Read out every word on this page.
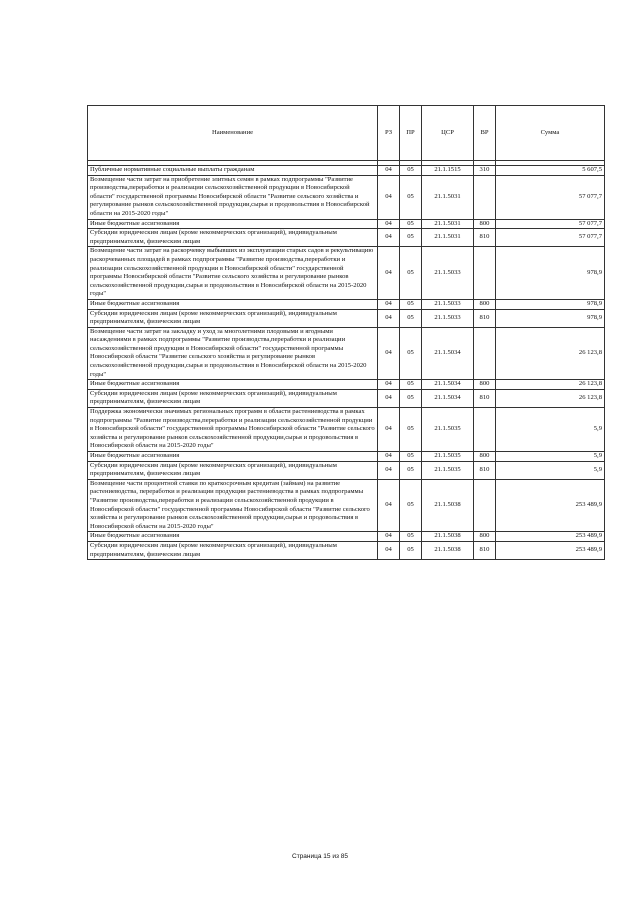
Наименование	РЗ	ПР	ЦСР	ВР	Сумма

Публичные нормативные социальные выплаты гражданам	04	05	21.1.1515	310	5 607,5
Возмещение части затрат на приобретение элитных семян в рамках подпрограммы "Развитие производства,переработки и реализации сельскохозяйственной продукции в Новосибирской области" государственной программы Новосибирской области "Развитие сельского хозяйства и регулирование рынков сельскохозяйственной продукции,сырья и продовольствия в Новосибирской области на 2015-2020 годы"	04	05	21.1.5031		57 077,7
Иные бюджетные ассигнования	04	05	21.1.5031	800	57 077,7
Субсидии юридическим лицам (кроме некоммерческих организаций), индивидуальным предпринимателям, физическим лицам	04	05	21.1.5031	810	57 077,7
Возмещение части затрат на раскорчевку выбывших из эксплуатации старых садов и рекультивацию раскорчеванных площадей в рамках подпрограммы "Развитие производства,переработки и реализации сельскохозяйственной продукции в Новосибирской области" государственной программы Новосибирской области "Развитие сельского хозяйства и регулирование рынков сельскохозяйственной продукции,сырья и продовольствия в Новосибирской области на 2015-2020 годы"	04	05	21.1.5033		978,9
Иные бюджетные ассигнования	04	05	21.1.5033	800	978,9
Субсидии юридическим лицам (кроме некоммерческих организаций), индивидуальным предпринимателям, физическим лицам	04	05	21.1.5033	810	978,9
Возмещение части затрат на закладку и уход за многолетними плодовыми и ягодными насаждениями в рамках подпрограммы "Развитие производства,переработки и реализации сельскохозяйственной продукции в Новосибирской области" государственной программы Новосибирской области "Развитие сельского хозяйства и регулирование рынков сельскохозяйственной продукции,сырья и продовольствия в Новосибирской области на 2015-2020 годы"	04	05	21.1.5034		26 123,8
Иные бюджетные ассигнования	04	05	21.1.5034	800	26 123,8
Субсидии юридическим лицам (кроме некоммерческих организаций), индивидуальным предпринимателям, физическим лицам	04	05	21.1.5034	810	26 123,8
Поддержка экономически значимых региональных программ в области растениеводства в рамках подпрограммы "Развитие производства,переработки и реализации сельскохозяйственной продукции в Новосибирской области" государственной программы Новосибирской области "Развитие сельского хозяйства и регулирование рынков сельскохозяйственной продукции,сырья и продовольствия в Новосибирской области на 2015-2020 годы"	04	05	21.1.5035		5,9
Иные бюджетные ассигнования	04	05	21.1.5035	800	5,9
Субсидии юридическим лицам (кроме некоммерческих организаций), индивидуальным предпринимателям, физическим лицам	04	05	21.1.5035	810	5,9
Возмещение части процентной ставки по краткосрочным кредитам (займам) на развитие растениеводства, переработки и реализации продукции растениеводства в рамках подпрограммы "Развитие производства,переработки и реализации сельскохозяйственной продукции в Новосибирской области" государственной программы Новосибирской области "Развитие сельского хозяйства и регулирование рынков сельскохозяйственной продукции,сырья и продовольствия в Новосибирской области на 2015-2020 годы"	04	05	21.1.5038		253 489,9
Иные бюджетные ассигнования	04	05	21.1.5038	800	253 489,9
Субсидии юридическим лицам (кроме некоммерческих организаций), индивидуальным предпринимателям, физическим лицам	04	05	21.1.5038	810	253 489,9
Страница 15 из 85
